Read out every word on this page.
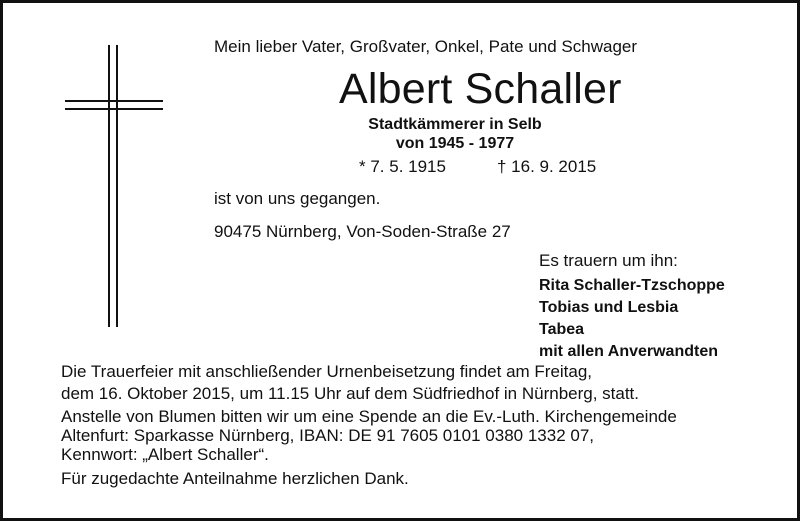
Mein lieber Vater, Großvater, Onkel, Pate und Schwager
Albert Schaller
Stadtkämmerer in Selb
von 1945 - 1977
* 7. 5. 1915	† 16. 9. 2015
ist von uns gegangen.
90475 Nürnberg, Von-Soden-Straße 27
Es trauern um ihn:
Rita Schaller-Tzschoppe
Tobias und Lesbia
Tabea
mit allen Anverwandten
Die Trauerfeier mit anschließender Urnenbeisetzung findet am Freitag,
dem 16. Oktober 2015, um 11.15 Uhr auf dem Südfriedhof in Nürnberg, statt.
Anstelle von Blumen bitten wir um eine Spende an die Ev.-Luth. Kirchengemeinde
Altenfurt: Sparkasse Nürnberg, IBAN: DE 91 7605 0101 0380 1332 07,
Kennwort: „Albert Schaller“.
Für zugedachte Anteilnahme herzlichen Dank.
